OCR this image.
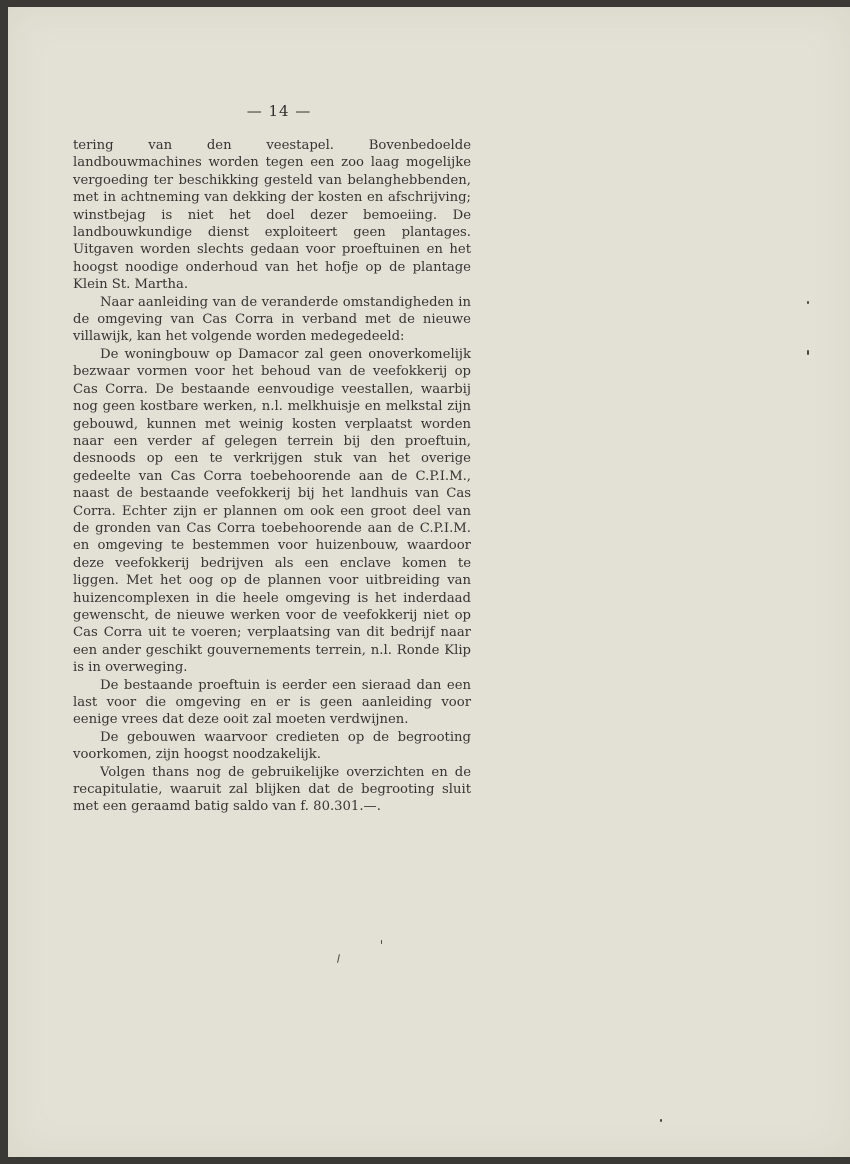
— 14 —

tering van den veestapel. Bovenbedoelde landbouwmachines worden tegen een zoo laag mogelijke vergoeding ter beschikking gesteld van belanghebbenden, met in achtneming van dekking der kosten en afschrijving; winstbejag is niet het doel dezer bemoeiing. De landbouwkundige dienst exploiteert geen plantages. Uitgaven worden slechts gedaan voor proeftuinen en het hoogst noodige onderhoud van het hofje op de plantage Klein St. Martha.

Naar aanleiding van de veranderde omstandigheden in de omgeving van Cas Corra in verband met de nieuwe villawijk, kan het volgende worden medegedeeld:

De woningbouw op Damacor zal geen onoverkomelijk bezwaar vormen voor het behoud van de veefokkerij op Cas Corra. De bestaande eenvoudige veestallen, waarbij nog geen kostbare werken, n.l. melkhuisje en melkstal zijn gebouwd, kunnen met weinig kosten verplaatst worden naar een verder af gelegen terrein bij den proeftuin, desnoods op een te verkrijgen stuk van het overige gedeelte van Cas Corra toebehoorende aan de C.P.I.M., naast de bestaande veefokkerij bij het landhuis van Cas Corra. Echter zijn er plannen om ook een groot deel van de gronden van Cas Corra toebehoorende aan de C.P.I.M. en omgeving te bestemmen voor huizenbouw, waardoor deze veefokkerij bedrijven als een enclave komen te liggen. Met het oog op de plannen voor uitbreiding van huizencomplexen in die heele omgeving is het inderdaad gewenscht, de nieuwe werken voor de veefokkerij niet op Cas Corra uit te voeren; verplaatsing van dit bedrijf naar een ander geschikt gouvernements terrein, n.l. Ronde Klip is in overweging.

De bestaande proeftuin is eerder een sieraad dan een last voor die omgeving en er is geen aanleiding voor eenige vrees dat deze ooit zal moeten verdwijnen.

De gebouwen waarvoor credieten op de begrooting voorkomen, zijn hoogst noodzakelijk.

Volgen thans nog de gebruikelijke overzichten en de recapitulatie, waaruit zal blijken dat de begrooting sluit met een geraamd batig saldo van f. 80.301.—.
